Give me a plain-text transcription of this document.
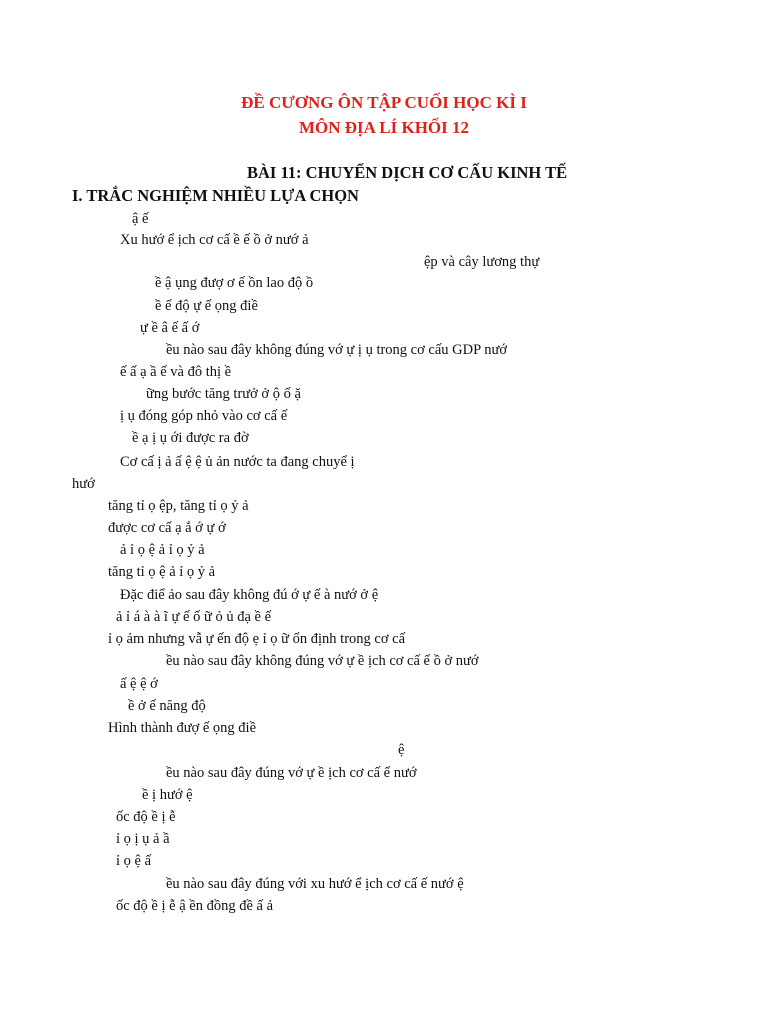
ĐỀ CƯƠNG ÔN TẬP CUỐI HỌC KÌ I
MÔN ĐỊA LÍ KHỐI 12
BÀI 11: CHUYỂN DỊCH CƠ CẤU KINH TẾ
I. TRẮC NGHIỆM NHIỀU LỰA CHỌN
ậ ế
Xu hướ ể ịch cơ cấ ề ế ồ ở nướ ả
ệp và cây lương thự
ề ậ ụng đượ ơ ế ồn lao độ ồ
ề ế độ ự ế ọng điề
ự ề â ế ấ ớ
ều nào sau đây không đúng vớ ự ị ụ trong cơ cấu GDP nướ
ế ấ ạ ầ ế và đô thị ề
ững bước tăng trưở ở ộ ố ặ
ị ụ đóng góp nhỏ vào cơ cấ ế
ề ạ ị ụ ới được ra đờ
Cơ cấ ị ả ấ ệ ệ ủ ản nước ta đang chuyể ị
hướ
tăng tỉ ọ ệp, tăng tỉ ọ ỷ ả
được cơ cấ ạ ắ ớ ự ớ
ả ỉ ọ ệ ả ỉ ọ ỷ ả
tăng tỉ ọ ệ ả ỉ ọ ỷ ả
Đặc điể ảo sau đây không đú ớ ự ế à nướ ở ệ
ả ỉ á à à ĩ ự ế ố ữ ỏ ủ đạ ề ế
ỉ ọ ảm nhưng vẫ ự ến độ ẹ ỉ ọ ữ ổn định trong cơ cấ
ều nào sau đây không đúng vớ ự ề ịch cơ cấ ế ồ ở nướ
ấ ệ ệ ớ
ề ở ế năng độ
Hình thành đượ ế ọng điề
ệ
ều nào sau đây đúng vớ ự ề ịch cơ cấ ế nướ
ề ị hướ ệ
ốc độ ề ị ễ
ỉ ọ ị ụ ả ầ
ỉ ọ ệ ấ
ều nào sau đây đúng với xu hướ ể ịch cơ cấ ế nướ ệ
ốc độ ề ị ễ ậ ền đồng đề ấ ả
